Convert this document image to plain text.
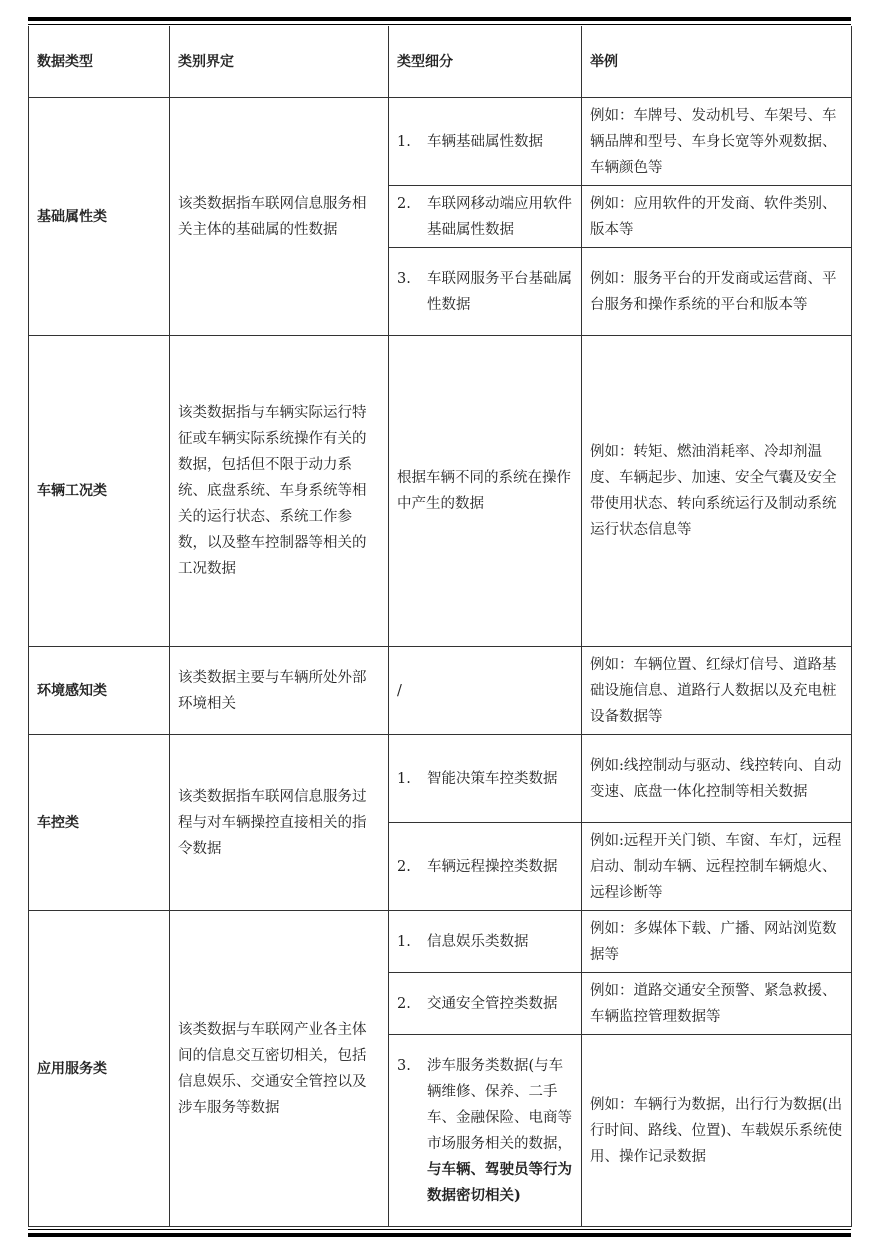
数据类型	类别界定	类型细分	举例
基础属性类	该类数据指车联网信息服务相关主体的基础属的性数据	1. 车辆基础属性数据	例如：车牌号、发动机号、车架号、车辆品牌和型号、车身长宽等外观数据、车辆颜色等

		2. 车联网移动端应用软件基础属性数据	例如：应用软件的开发商、软件类别、版本等

		3. 车联网服务平台基础属性数据	例如：服务平台的开发商或运营商、平台服务和操作系统的平台和版本等
车辆工况类	该类数据指与车辆实际运行特征或车辆实际系统操作有关的数据，包括但不限于动力系统、底盘系统、车身系统等相关的运行状态、系统工作参数，以及整车控制器等相关的工况数据	根据车辆不同的系统在操作中产生的数据	例如：转矩、燃油消耗率、冷却剂温度、车辆起步、加速、安全气囊及安全带使用状态、转向系统运行及制动系统运行状态信息等
环境感知类	该类数据主要与车辆所处外部环境相关	/	例如：车辆位置、红绿灯信号、道路基础设施信息、道路行人数据以及充电桩设备数据等
车控类	该类数据指车联网信息服务过程与对车辆操控直接相关的指令数据	1. 智能决策车控类数据	例如:线控制动与驱动、线控转向、自动变速、底盘一体化控制等相关数据

		2. 车辆远程操控类数据	例如:远程开关门锁、车窗、车灯，远程启动、制动车辆、远程控制车辆熄火、远程诊断等
应用服务类	该类数据与车联网产业各主体间的信息交互密切相关，包括信息娱乐、交通安全管控以及涉车服务等数据	1. 信息娱乐类数据	例如：多媒体下载、广播、网站浏览数据等

		2. 交通安全管控类数据	例如：道路交通安全预警、紧急救援、车辆监控管理数据等

		3. 涉车服务类数据(与车辆维修、保养、二手车、金融保险、电商等市场服务相关的数据，与车辆、驾驶员等行为数据密切相关)	例如：车辆行为数据，出行行为数据(出行时间、路线、位置)、车载娱乐系统使用、操作记录数据
